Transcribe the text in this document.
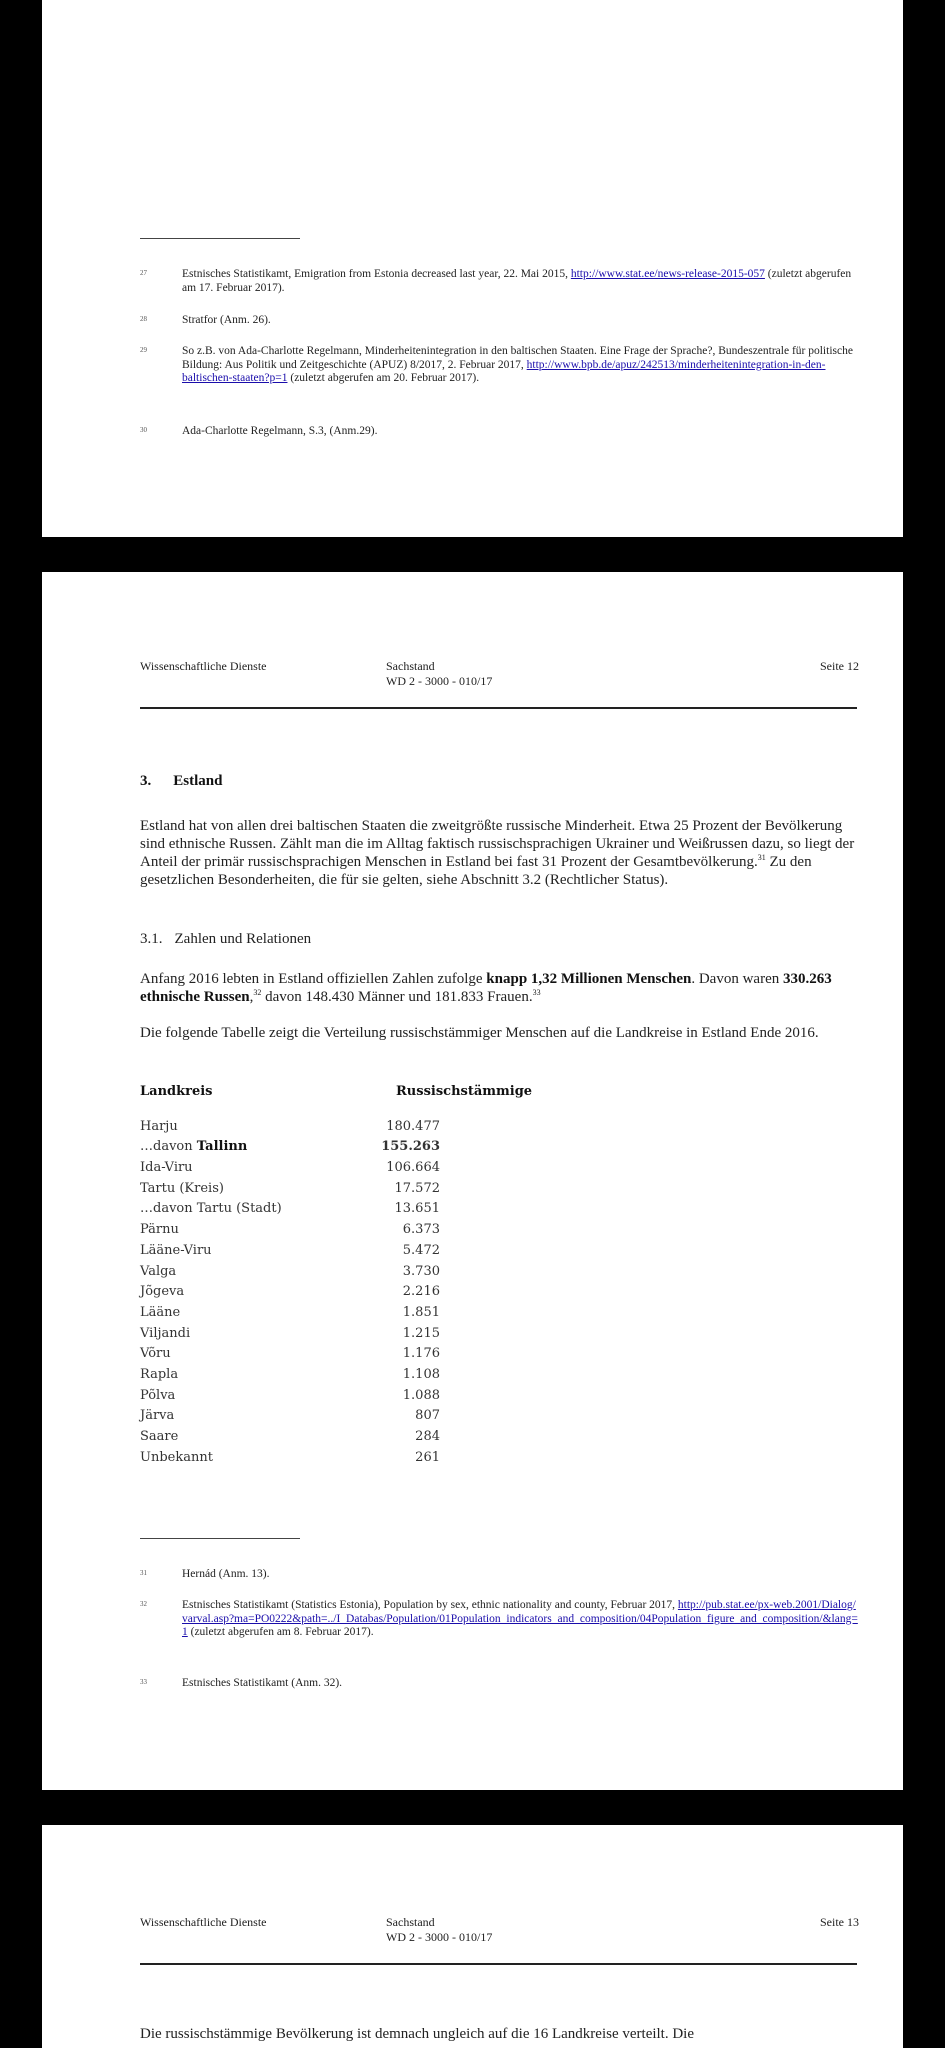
27	Estnisches Statistikamt, Emigration from Estonia decreased last year, 22. Mai 2015, http://www.stat.ee/news-release-2015-057 (zuletzt abgerufen am 17. Februar 2017).
28	Stratfor (Anm. 26).
29	So z.B. von Ada-Charlotte Regelmann, Minderheitenintegration in den baltischen Staaten. Eine Frage der Sprache?, Bundeszentrale für politische Bildung: Aus Politik und Zeitgeschichte (APUZ) 8/2017, 2. Februar 2017, http://www.bpb.de/apuz/242513/minderheitenintegration-in-den-baltischen-staaten?p=1 (zuletzt abgerufen am 20. Februar 2017).
30	Ada-Charlotte Regelmann, S.3, (Anm.29).
Wissenschaftliche Dienste	Sachstand
WD 2 - 3000 - 010/17
Seite 12
3. Estland
Estland hat von allen drei baltischen Staaten die zweitgrößte russische Minderheit. Etwa 25 Prozent der Bevölkerung sind ethnische Russen. Zählt man die im Alltag faktisch russischsprachigen Ukrainer und Weißrussen dazu, so liegt der Anteil der primär russischsprachigen Menschen in Estland bei fast 31 Prozent der Gesamtbevölkerung.$^{31}$ Zu den gesetzlichen Besonderheiten, die für sie gelten, siehe Abschnitt 3.2 (Rechtlicher Status).
3.1. Zahlen und Relationen
Anfang 2016 lebten in Estland offiziellen Zahlen zufolge knapp 1,32 Millionen Menschen. Davon waren 330.263 ethnische Russen,$^{32}$ davon 148.430 Männer und 181.833 Frauen.$^{33}$
Die folgende Tabelle zeigt die Verteilung russischstämmiger Menschen auf die Landkreise in Estland Ende 2016.
Landkreis	Russischstämmige
Harju	180.477
…davon Tallinn	155.263
Ida-Viru	106.664
Tartu (Kreis)	17.572
…davon Tartu (Stadt)	13.651
Pärnu	6.373
Lääne-Viru	5.472
Valga	3.730
Jõgeva	2.216
Lääne	1.851
Viljandi	1.215
Võru	1.176
Rapla	1.108
Põlva	1.088
Järva	807
Saare	284
Unbekannt	261
31	Hernád (Anm. 13).
32	Estnisches Statistikamt (Statistics Estonia), Population by sex, ethnic nationality and county, Februar 2017, http://pub.stat.ee/px-web.2001/Dialog/varval.asp?ma=PO0222&path=../I_Databas/Population/01Population_indicators_and_composition/04Population_figure_and_composition/&lang=1 (zuletzt abgerufen am 8. Februar 2017).
33	Estnisches Statistikamt (Anm. 32).
Wissenschaftliche Dienste	Sachstand
WD 2 - 3000 - 010/17
Seite 13
Die russischstämmige Bevölkerung ist demnach ungleich auf die 16 Landkreise verteilt. Die
